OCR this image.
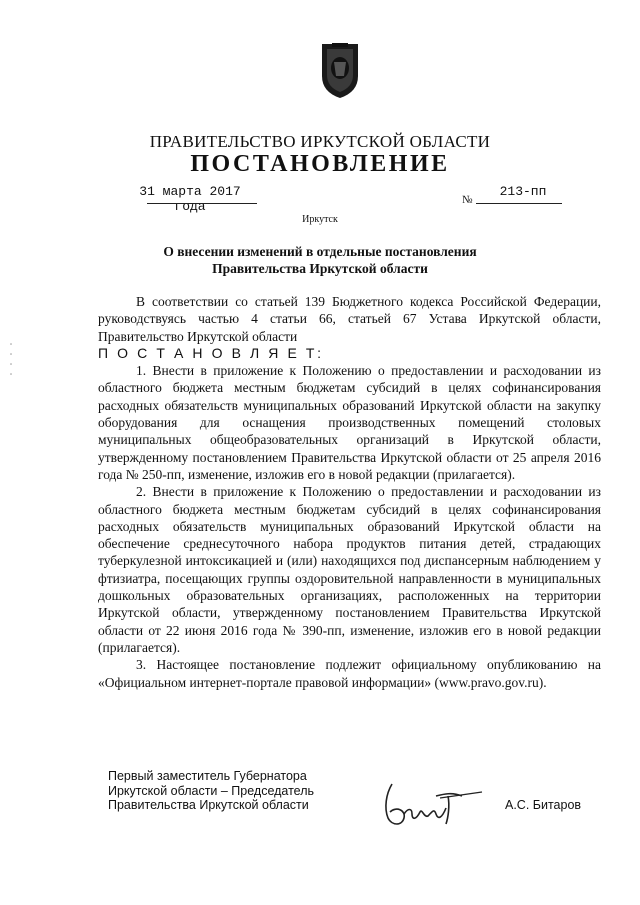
ПРАВИТЕЛЬСТВО ИРКУТСКОЙ ОБЛАСТИ
ПОСТАНОВЛЕНИЕ
31 марта 2017 года	№
213-пп
Иркутск
О внесении изменений в отдельные постановления
Правительства Иркутской области

В соответствии со статьей 139 Бюджетного кодекса Российской Федерации, руководствуясь частью 4 статьи 66, статьей 67 Устава Иркутской области, Правительство Иркутской области

П О С Т А Н О В Л Я Е Т:

1. Внести в приложение к Положению о предоставлении и расходовании из областного бюджета местным бюджетам субсидий в целях софинансирования расходных обязательств муниципальных образований Иркутской области на закупку оборудования для оснащения производственных помещений столовых муниципальных общеобразовательных организаций в Иркутской области, утвержденному постановлением Правительства Иркутской области от 25 апреля 2016 года № 250-пп, изменение, изложив его в новой редакции (прилагается).

2. Внести в приложение к Положению о предоставлении и расходовании из областного бюджета местным бюджетам субсидий в целях софинансирования расходных обязательств муниципальных образований Иркутской области на обеспечение среднесуточного набора продуктов питания детей, страдающих туберкулезной интоксикацией и (или) находящихся под диспансерным наблюдением у фтизиатра, посещающих группы оздоровительной направленности в муниципальных дошкольных образовательных организациях, расположенных на территории Иркутской области, утвержденному постановлением Правительства Иркутской области от 22 июня 2016 года № 390-пп, изменение, изложив его в новой редакции (прилагается).

3. Настоящее постановление подлежит официальному опубликованию на «Официальном интернет-портале правовой информации» (www.pravo.gov.ru).

Первый заместитель Губернатора
Иркутской области – Председатель
Правительства Иркутской области	А.С. Битаров
